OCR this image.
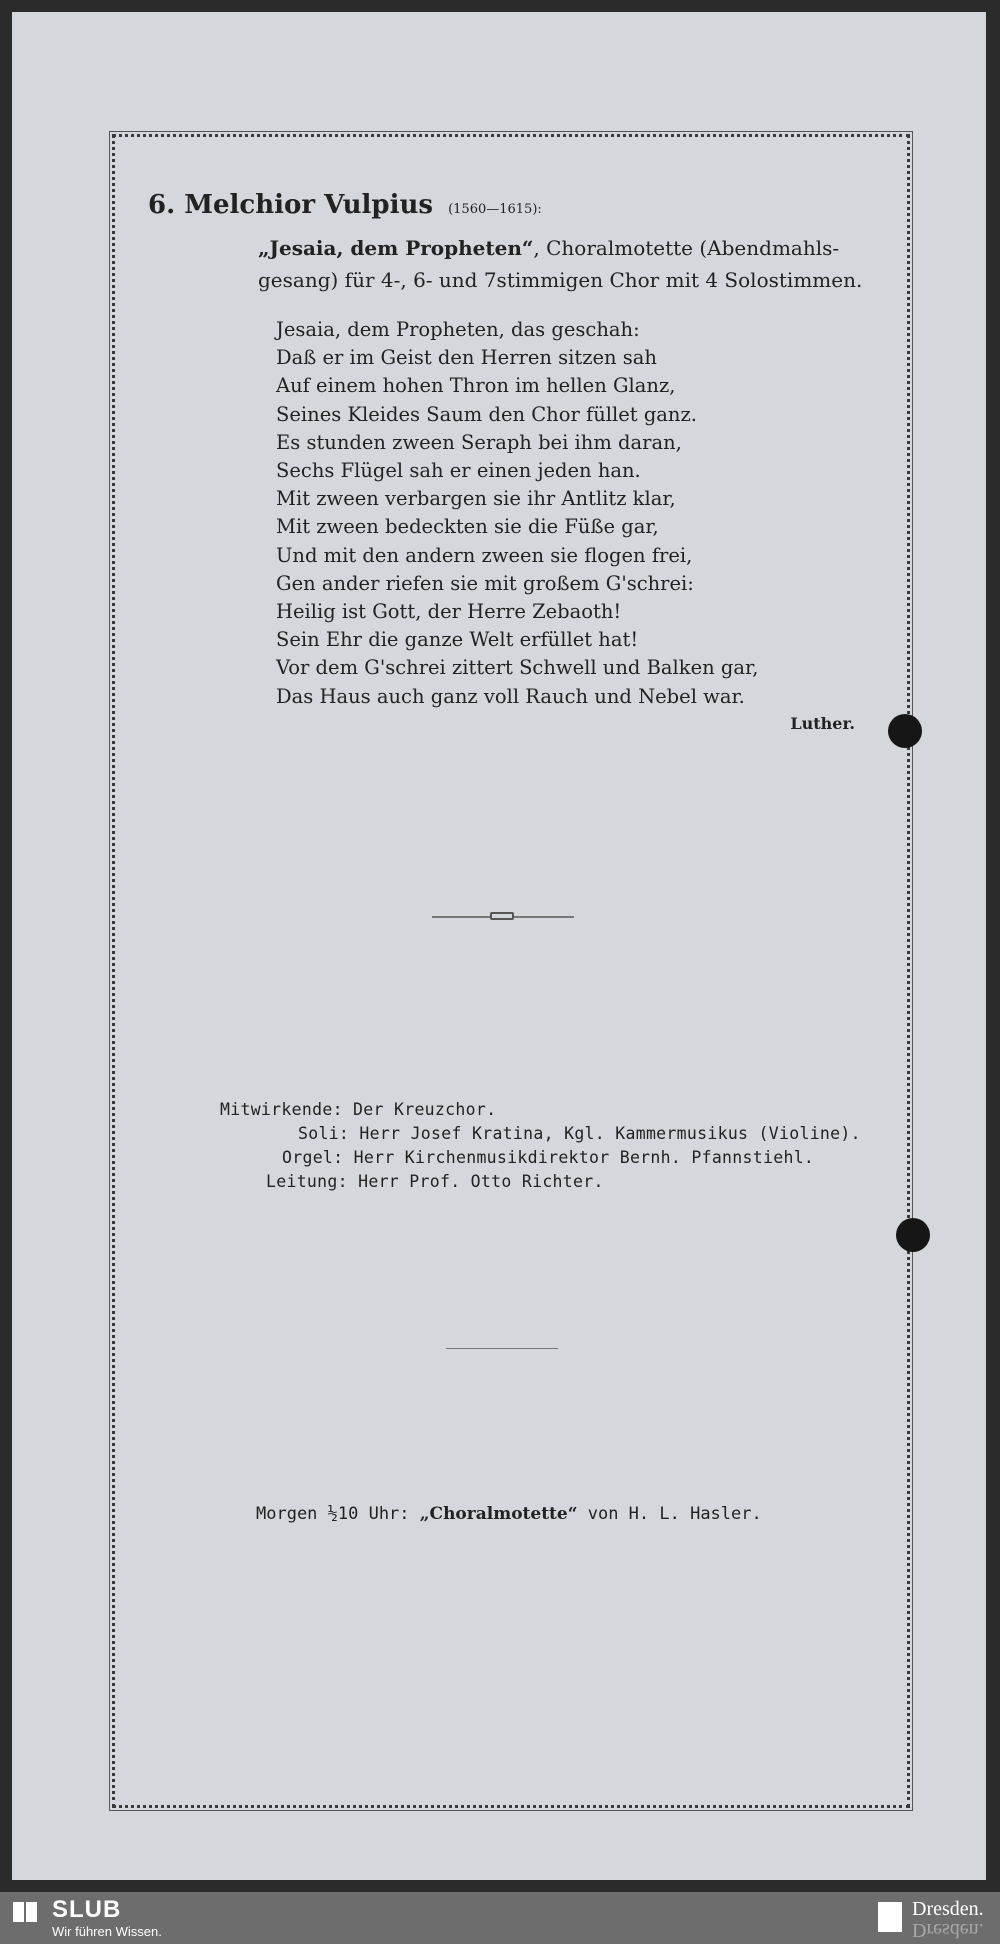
6. Melchior Vulpius (1560—1615):
„Jesaia, dem Propheten“, Choralmotette (Abendmahls-gesang) für 4-, 6- und 7stimmigen Chor mit 4 Solostimmen.
Jesaia, dem Propheten, das geschah:
Daß er im Geist den Herren sitzen sah
Auf einem hohen Thron im hellen Glanz,
Seines Kleides Saum den Chor füllet ganz.
Es stunden zween Seraph bei ihm daran,
Sechs Flügel sah er einen jeden han.
Mit zween verbargen sie ihr Antlitz klar,
Mit zween bedeckten sie die Füße gar,
Und mit den andern zween sie flogen frei,
Gen ander riefen sie mit großem G'schrei:
Heilig ist Gott, der Herre Zebaoth!
Sein Ehr die ganze Welt erfüllet hat!
Vor dem G'schrei zittert Schwell und Balken gar,
Das Haus auch ganz voll Rauch und Nebel war.
Luther.
Mitwirkende: Der Kreuzchor.
Soli: Herr Josef Kratina, Kgl. Kammermusikus (Violine).
Orgel: Herr Kirchenmusikdirektor Bernh. Pfannstiehl.
Leitung: Herr Prof. Otto Richter.
Morgen ½10 Uhr: „Choralmotette“ von H. L. Hasler.
SLUB
Wir führen Wissen.
Dresden.
Dresden.
